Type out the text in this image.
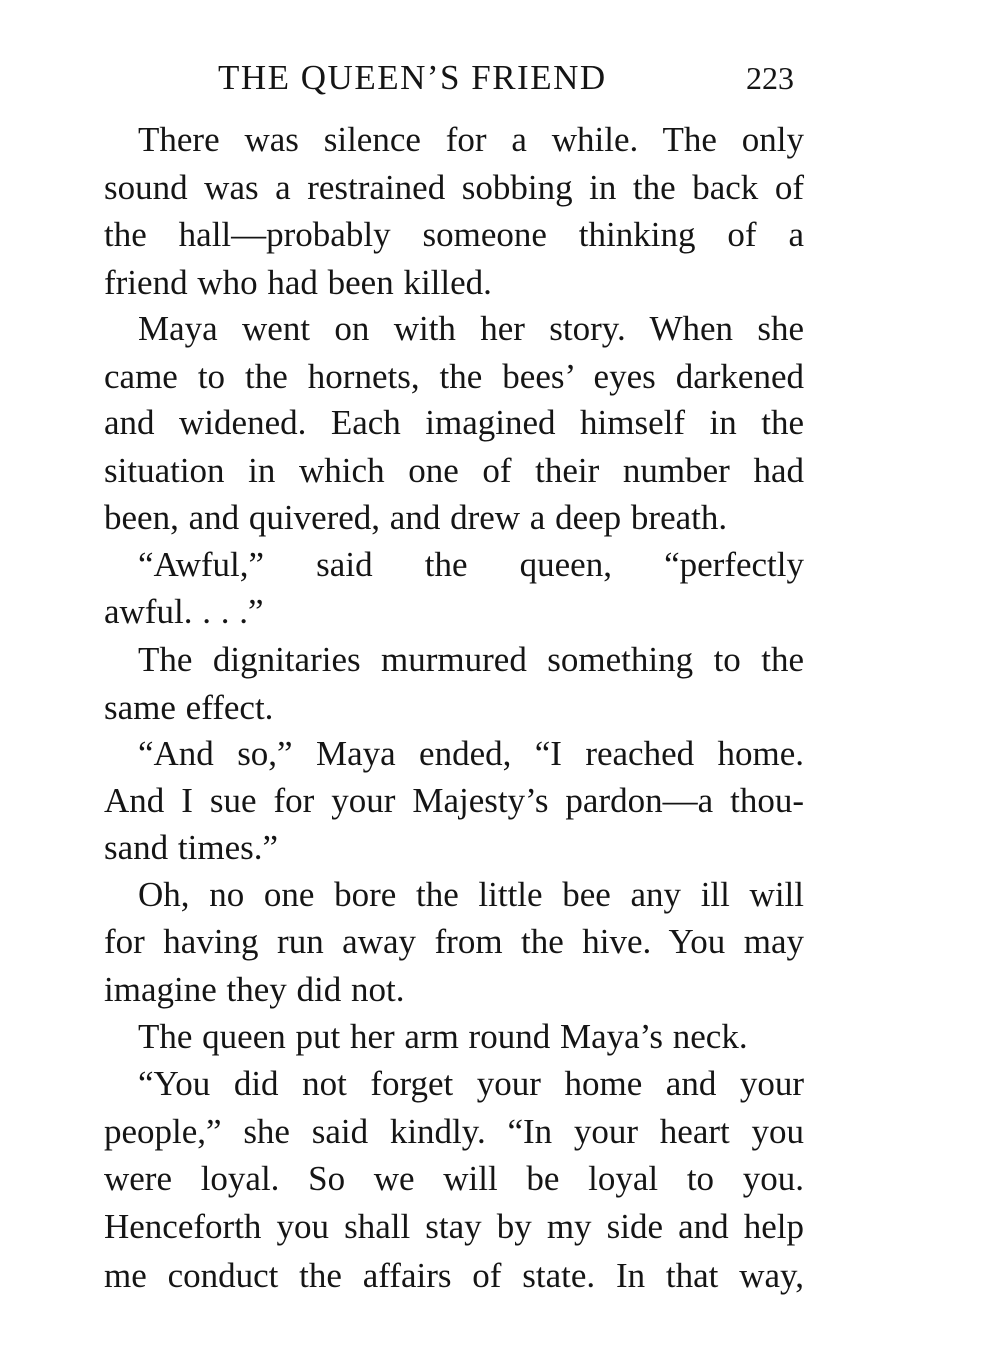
THE QUEEN’S FRIEND	223
There was silence for a while. The only
sound was a restrained sobbing in the back of
the hall—probably someone thinking of a
friend who had been killed.
Maya went on with her story. When she
came to the hornets, the bees’ eyes darkened
and widened. Each imagined himself in the
situation in which one of their number had
been, and quivered, and drew a deep breath.
“Awful,” said the queen, “perfectly
awful. . . .”
The dignitaries murmured something to the
same effect.
“And so,” Maya ended, “I reached home.
And I sue for your Majesty’s pardon—a thou-
sand times.”
Oh, no one bore the little bee any ill will
for having run away from the hive. You may
imagine they did not.
The queen put her arm round Maya’s neck.
“You did not forget your home and your
people,” she said kindly. “In your heart you
were loyal. So we will be loyal to you.
Henceforth you shall stay by my side and help
me conduct the affairs of state. In that way,
